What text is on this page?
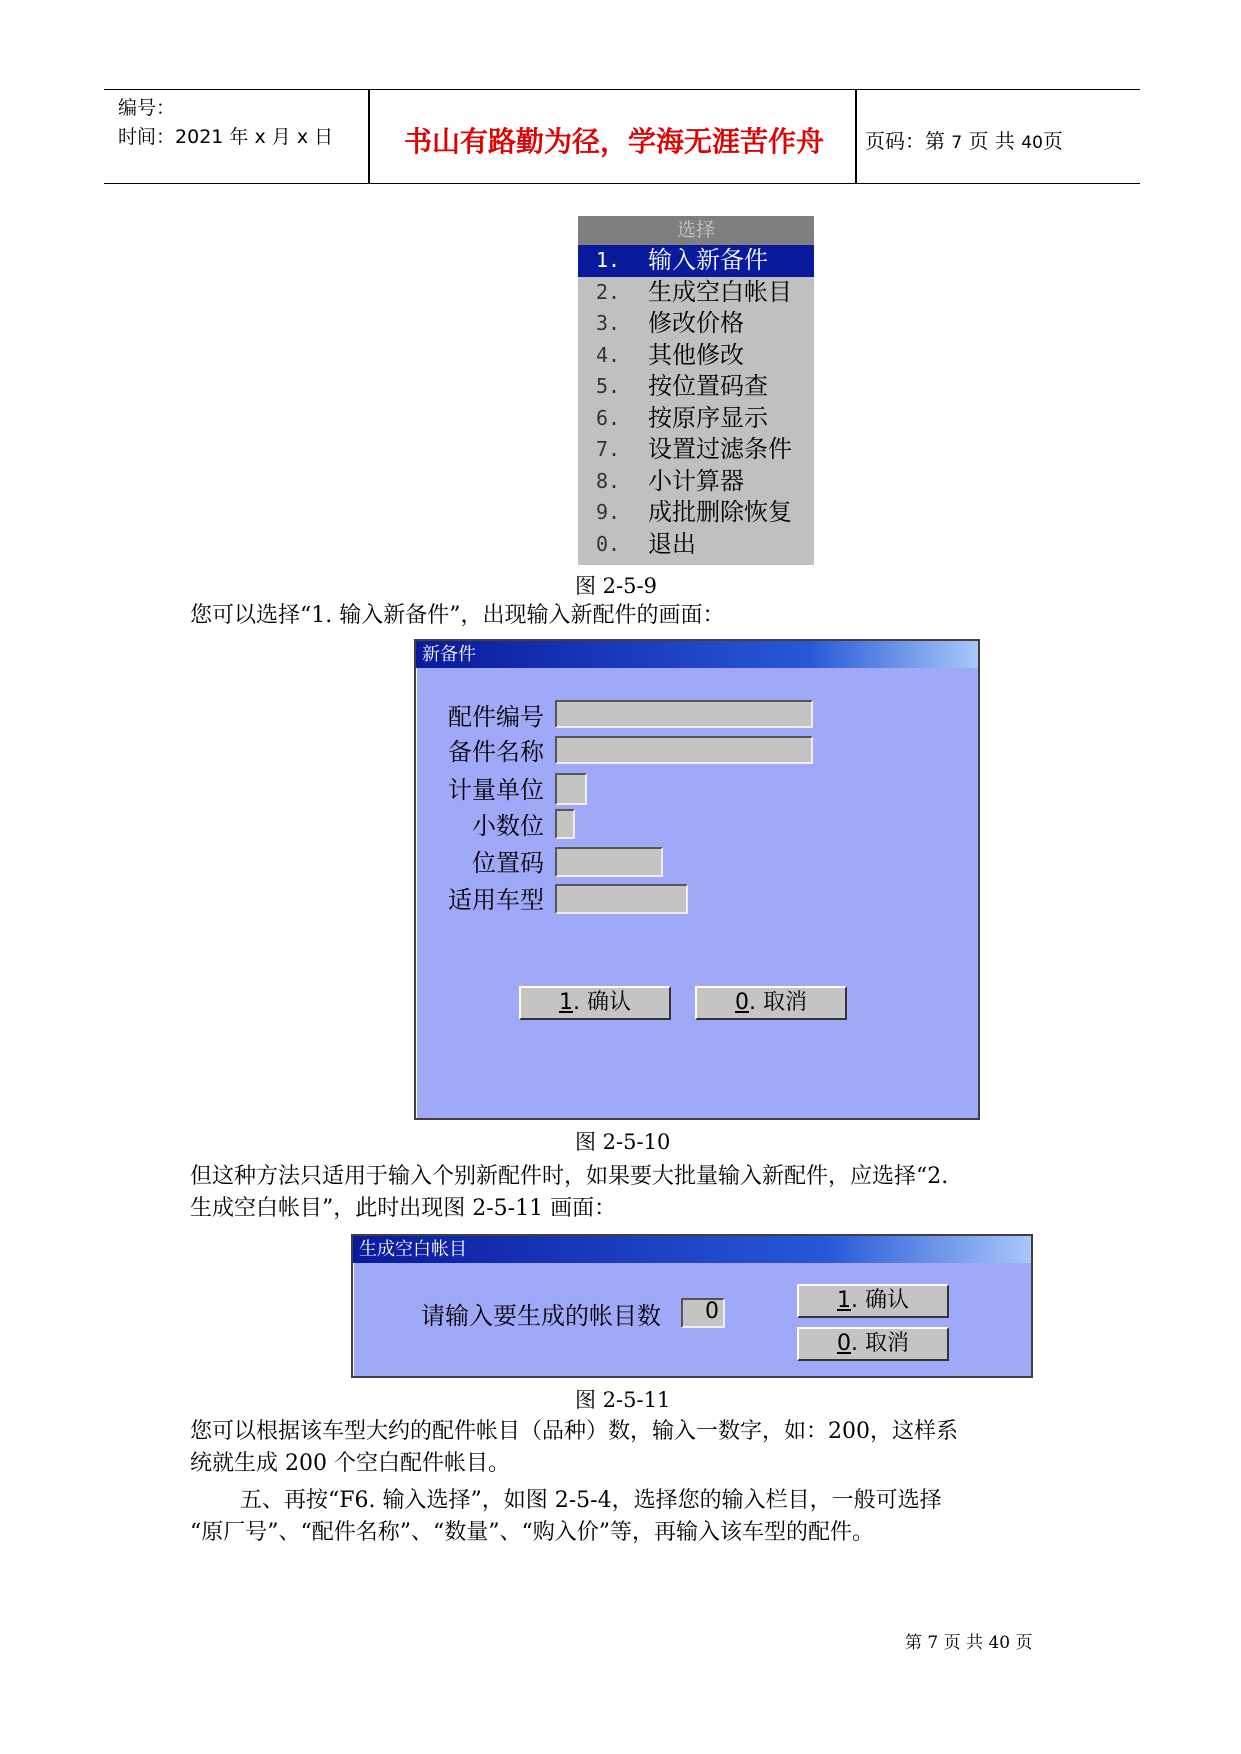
编号：
时间：2021 年 x 月 x 日	书山有路勤为径，学海无涯苦作舟	页码：第 7 页 共 40页
选择
1. 输入新备件
2. 生成空白帐目
3. 修改价格
4. 其他修改
5. 按位置码查
6. 按原序显示
7. 设置过滤条件
8. 小计算器
9. 成批删除恢复
0. 退出
图 2-5-9
您可以选择“1. 输入新备件”，出现输入新配件的画面：
新备件
配件编号
备件名称
计量单位
小数位
位置码
适用车型
1. 确认	0. 取消
图 2-5-10
但这种方法只适用于输入个别新配件时，如果要大批量输入新配件，应选择“2.
生成空白帐目”，此时出现图 2-5-11 画面：
生成空白帐目
请输入要生成的帐目数	0	1. 确认
0. 取消
图 2-5-11
您可以根据该车型大约的配件帐目（品种）数，输入一数字，如：200，这样系
统就生成 200 个空白配件帐目。
五、再按“F6. 输入选择”，如图 2-5-4，选择您的输入栏目，一般可选择
“原厂号”、“配件名称”、“数量”、“购入价”等，再输入该车型的配件。
第 7 页 共 40 页
